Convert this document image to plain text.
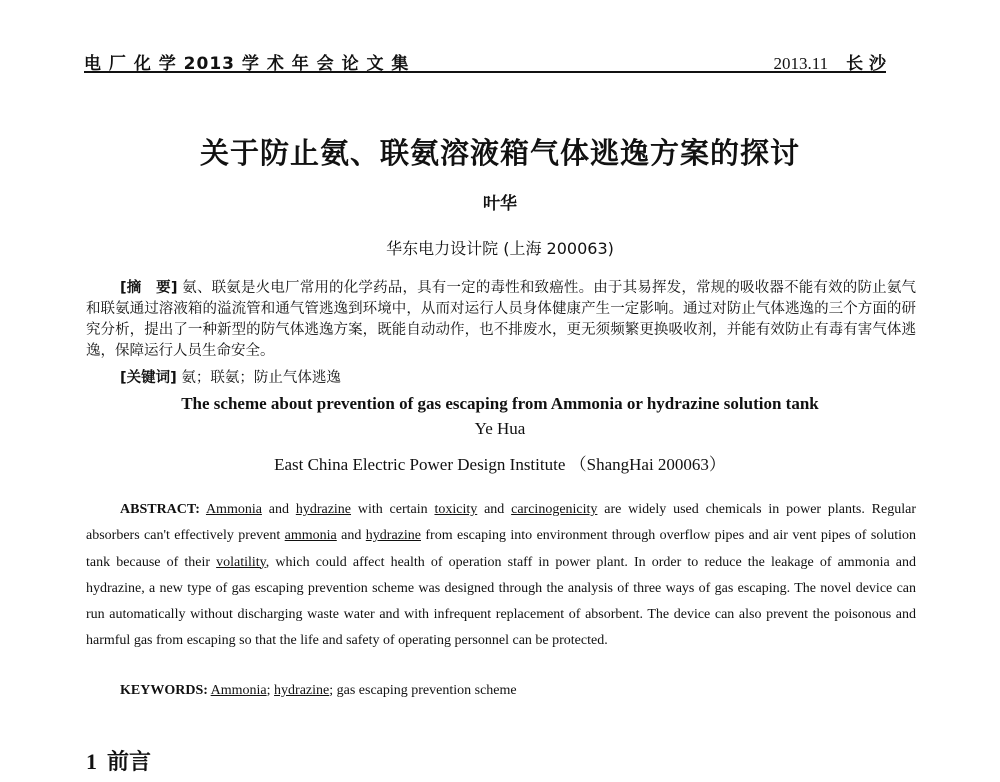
电 厂 化 学 2013 学 术 年 会 论 文 集	2013.11 长 沙
关于防止氨、联氨溶液箱气体逃逸方案的探讨
叶华
华东电力设计院 (上海 200063)

[摘　要] 氨、联氨是火电厂常用的化学药品，具有一定的毒性和致癌性。由于其易挥发，常规的吸收器不能有效的防止氨气和联氨通过溶液箱的溢流管和通气管逃逸到环境中，从而对运行人员身体健康产生一定影响。通过对防止气体逃逸的三个方面的研究分析，提出了一种新型的防气体逃逸方案，既能自动动作，也不排废水，更无须频繁更换吸收剂，并能有效防止有毒有害气体逃逸，保障运行人员生命安全。

[关键词] 氨；联氨；防止气体逃逸
The scheme about prevention of gas escaping from Ammonia or hydrazine solution tank
Ye Hua
East China Electric Power Design Institute （ShangHai 200063）

ABSTRACT: Ammonia and hydrazine with certain toxicity and carcinogenicity are widely used chemicals in power plants. Regular absorbers can't effectively prevent ammonia and hydrazine from escaping into environment through overflow pipes and air vent pipes of solution tank because of their volatility, which could affect health of operation staff in power plant. In order to reduce the leakage of ammonia and hydrazine, a new type of gas escaping prevention scheme was designed through the analysis of three ways of gas escaping. The novel device can run automatically without discharging waste water and with infrequent replacement of absorbent. The device can also prevent the poisonous and harmful gas from escaping so that the life and safety of operating personnel can be protected.

KEYWORDS: Ammonia; hydrazine; gas escaping prevention scheme
1 前言
